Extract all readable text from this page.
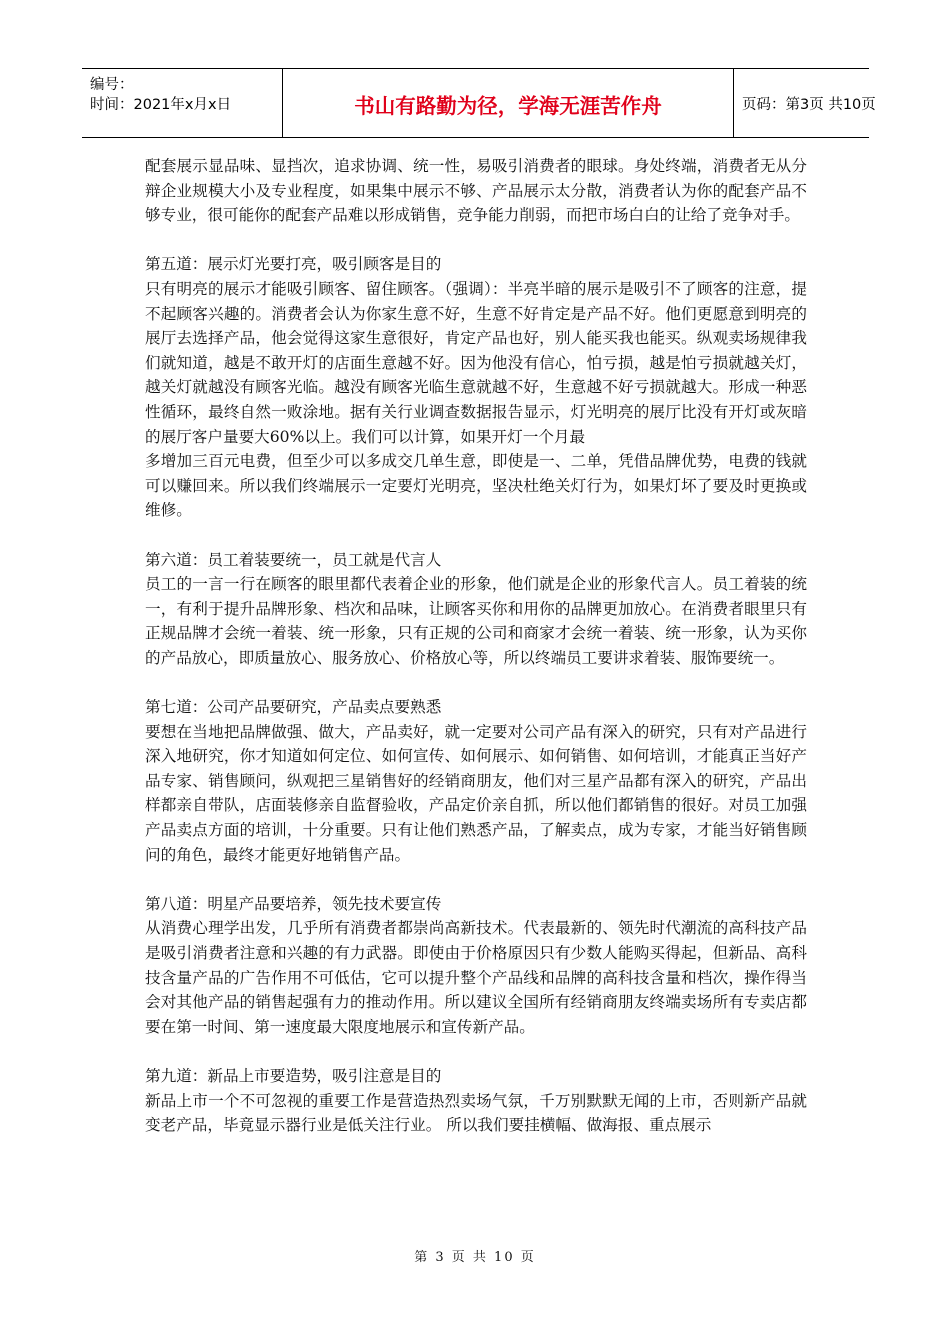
编号：
时间：2021年x月x日	书山有路勤为径，学海无涯苦作舟	页码：第3页 共10页

配套展示显品味、显挡次，追求协调、统一性，易吸引消费者的眼球。身处终端，消费者无从分辩企业规模大小及专业程度，如果集中展示不够、产品展示太分散，消费者认为你的配套产品不够专业，很可能你的配套产品难以形成销售，竞争能力削弱，而把市场白白的让给了竞争对手。

第五道：展示灯光要打亮，吸引顾客是目的

只有明亮的展示才能吸引顾客、留住顾客。（强调）：半亮半暗的展示是吸引不了顾客的注意，提不起顾客兴趣的。消费者会认为你家生意不好，生意不好肯定是产品不好。他们更愿意到明亮的展厅去选择产品，他会觉得这家生意很好，肯定产品也好，别人能买我也能买。纵观卖场规律我们就知道，越是不敢开灯的店面生意越不好。因为他没有信心，怕亏损，越是怕亏损就越关灯，越关灯就越没有顾客光临。越没有顾客光临生意就越不好，生意越不好亏损就越大。形成一种恶性循环，最终自然一败涂地。据有关行业调查数据报告显示，灯光明亮的展厅比没有开灯或灰暗的展厅客户量要大60%以上。我们可以计算，如果开灯一个月最

多增加三百元电费，但至少可以多成交几单生意，即使是一、二单，凭借品牌优势，电费的钱就可以赚回来。所以我们终端展示一定要灯光明亮，坚决杜绝关灯行为，如果灯坏了要及时更换或维修。

第六道：员工着装要统一，员工就是代言人

员工的一言一行在顾客的眼里都代表着企业的形象，他们就是企业的形象代言人。员工着装的统一，有利于提升品牌形象、档次和品味，让顾客买你和用你的品牌更加放心。在消费者眼里只有正规品牌才会统一着装、统一形象，只有正规的公司和商家才会统一着装、统一形象，认为买你的产品放心，即质量放心、服务放心、价格放心等，所以终端员工要讲求着装、服饰要统一。

第七道：公司产品要研究，产品卖点要熟悉

要想在当地把品牌做强、做大，产品卖好，就一定要对公司产品有深入的研究，只有对产品进行深入地研究，你才知道如何定位、如何宣传、如何展示、如何销售、如何培训，才能真正当好产品专家、销售顾问，纵观把三星销售好的经销商朋友，他们对三星产品都有深入的研究，产品出样都亲自带队，店面装修亲自监督验收，产品定价亲自抓，所以他们都销售的很好。对员工加强产品卖点方面的培训，十分重要。只有让他们熟悉产品，了解卖点，成为专家，才能当好销售顾问的角色，最终才能更好地销售产品。

第八道：明星产品要培养，领先技术要宣传

从消费心理学出发，几乎所有消费者都崇尚高新技术。代表最新的、领先时代潮流的高科技产品是吸引消费者注意和兴趣的有力武器。即使由于价格原因只有少数人能购买得起，但新品、高科技含量产品的广告作用不可低估，它可以提升整个产品线和品牌的高科技含量和档次，操作得当会对其他产品的销售起强有力的推动作用。所以建议全国所有经销商朋友终端卖场所有专卖店都要在第一时间、第一速度最大限度地展示和宣传新产品。

第九道：新品上市要造势，吸引注意是目的

新品上市一个不可忽视的重要工作是营造热烈卖场气氛，千万别默默无闻的上市，否则新产品就变老产品，毕竟显示器行业是低关注行业。 所以我们要挂横幅、做海报、重点展示

第 3 页 共 10 页
